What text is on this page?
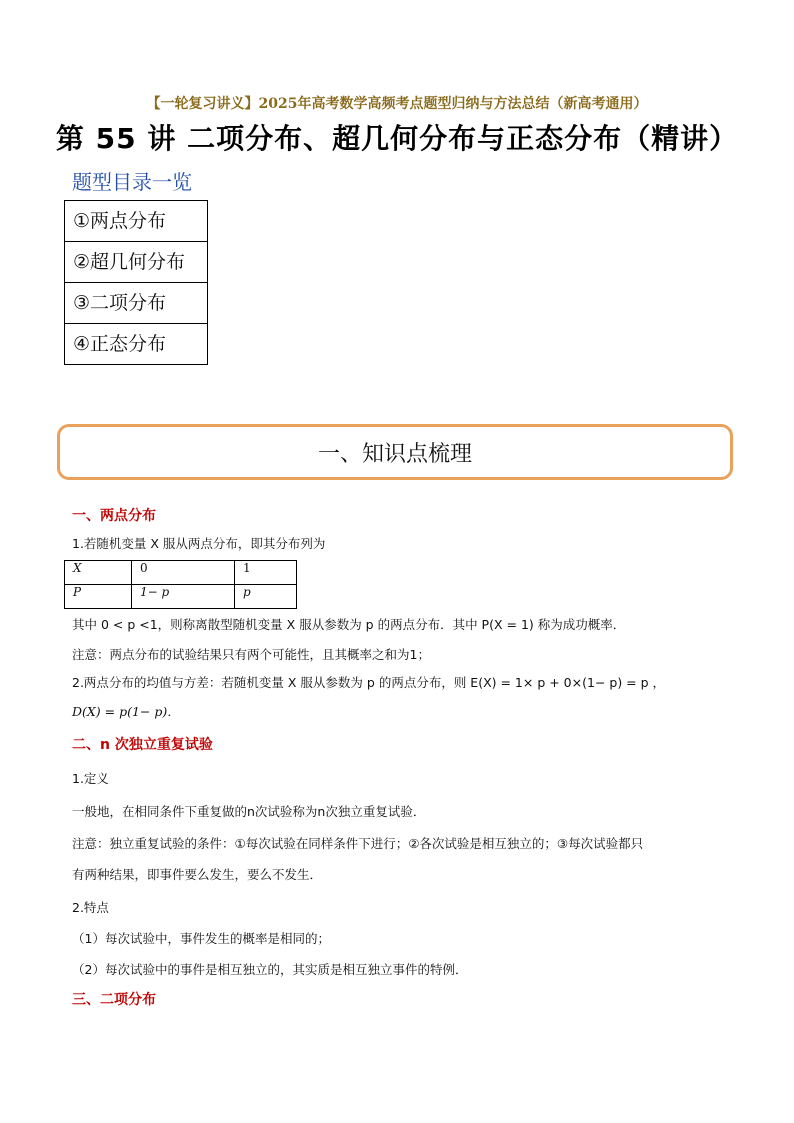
【一轮复习讲义】2025年高考数学高频考点题型归纳与方法总结（新高考通用）
第 55 讲 二项分布、超几何分布与正态分布（精讲）
题型目录一览
①两点分布
②超几何分布
③二项分布
④正态分布
一、知识点梳理
一、两点分布
1.若随机变量 X 服从两点分布，即其分布列为
X	0	1
P	1− p	p
其中 0 < p <1，则称离散型随机变量 X 服从参数为 p 的两点分布．其中 P(X = 1) 称为成功概率．
注意：两点分布的试验结果只有两个可能性，且其概率之和为1；
2.两点分布的均值与方差：若随机变量 X 服从参数为 p 的两点分布，则 E(X) = 1× p + 0×(1− p) = p ，
D(X) = p(1− p)．
二、n 次独立重复试验
1.定义
一般地，在相同条件下重复做的n次试验称为n次独立重复试验．
注意：独立重复试验的条件：①每次试验在同样条件下进行；②各次试验是相互独立的；③每次试验都只
有两种结果，即事件要么发生，要么不发生．
2.特点
（1）每次试验中，事件发生的概率是相同的；
（2）每次试验中的事件是相互独立的，其实质是相互独立事件的特例．
三、二项分布
